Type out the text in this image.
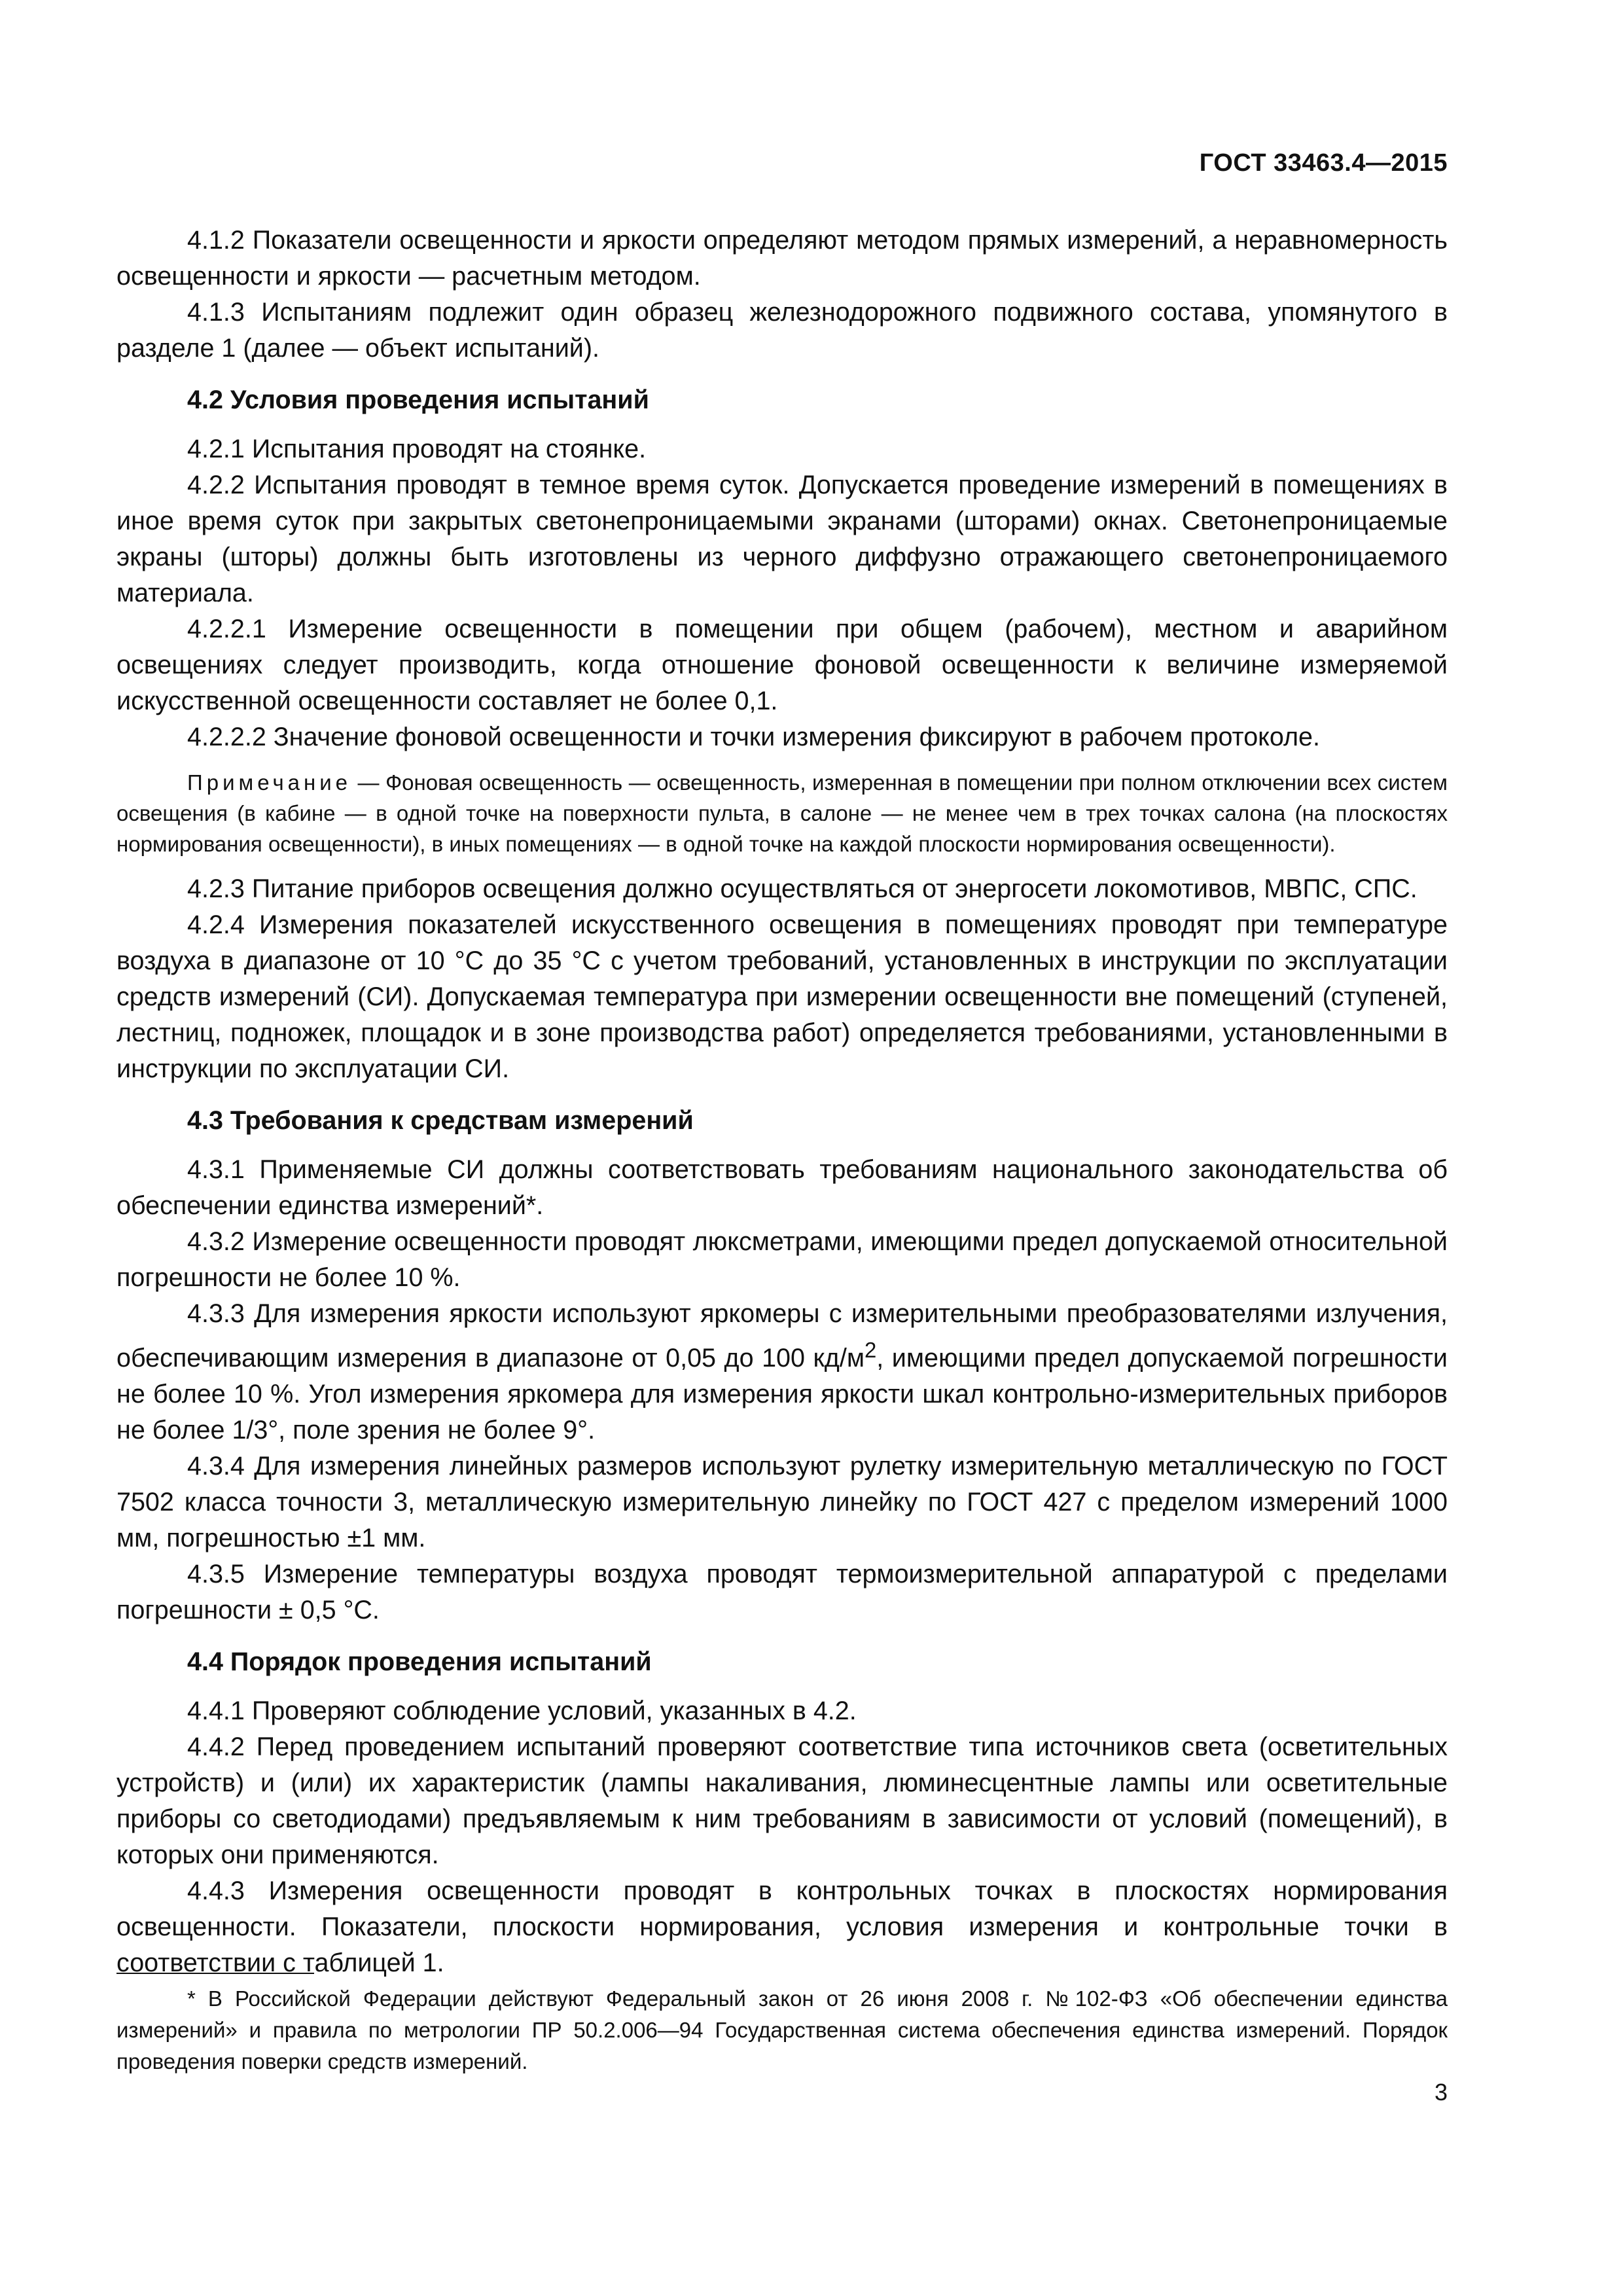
ГОСТ 33463.4—2015

4.1.2 Показатели освещенности и яркости определяют методом прямых измерений, а неравномерность освещенности и яркости — расчетным методом.

4.1.3 Испытаниям подлежит один образец железнодорожного подвижного состава, упомянутого в разделе 1 (далее — объект испытаний).

4.2 Условия проведения испытаний

4.2.1 Испытания проводят на стоянке.

4.2.2 Испытания проводят в темное время суток. Допускается проведение измерений в помещениях в иное время суток при закрытых светонепроницаемыми экранами (шторами) окнах. Светонепроницаемые экраны (шторы) должны быть изготовлены из черного диффузно отражающего светонепроницаемого материала.

4.2.2.1 Измерение освещенности в помещении при общем (рабочем), местном и аварийном освещениях следует производить, когда отношение фоновой освещенности к величине измеряемой искусственной освещенности составляет не более 0,1.

4.2.2.2 Значение фоновой освещенности и точки измерения фиксируют в рабочем протоколе.

Примечание — Фоновая освещенность — освещенность, измеренная в помещении при полном отключении всех систем освещения (в кабине — в одной точке на поверхности пульта, в салоне — не менее чем в трех точках салона (на плоскостях нормирования освещенности), в иных помещениях — в одной точке на каждой плоскости нормирования освещенности).

4.2.3 Питание приборов освещения должно осуществляться от энергосети локомотивов, МВПС, СПС.

4.2.4 Измерения показателей искусственного освещения в помещениях проводят при температуре воздуха в диапазоне от 10 °С до 35 °С с учетом требований, установленных в инструкции по эксплуатации средств измерений (СИ). Допускаемая температура при измерении освещенности вне помещений (ступеней, лестниц, подножек, площадок и в зоне производства работ) определяется требованиями, установленными в инструкции по эксплуатации СИ.

4.3 Требования к средствам измерений

4.3.1 Применяемые СИ должны соответствовать требованиям национального законодательства об обеспечении единства измерений*.

4.3.2 Измерение освещенности проводят люксметрами, имеющими предел допускаемой относительной погрешности не более 10 %.

4.3.3 Для измерения яркости используют яркомеры с измерительными преобразователями излучения, обеспечивающим измерения в диапазоне от 0,05 до 100 $кд/м^2$, имеющими предел допускаемой погрешности не более 10 %. Угол измерения яркомера для измерения яркости шкал контрольно-измерительных приборов не более 1/3°, поле зрения не более 9°.

4.3.4 Для измерения линейных размеров используют рулетку измерительную металлическую по ГОСТ 7502 класса точности 3, металлическую измерительную линейку по ГОСТ 427 с пределом измерений 1000 мм, погрешностью ±1 мм.

4.3.5 Измерение температуры воздуха проводят термоизмерительной аппаратурой с пределами погрешности ± 0,5 °С.

4.4 Порядок проведения испытаний

4.4.1 Проверяют соблюдение условий, указанных в 4.2.

4.4.2 Перед проведением испытаний проверяют соответствие типа источников света (осветительных устройств) и (или) их характеристик (лампы накаливания, люминесцентные лампы или осветительные приборы со светодиодами) предъявляемым к ним требованиям в зависимости от условий (помещений), в которых они применяются.

4.4.3 Измерения освещенности проводят в контрольных точках в плоскостях нормирования освещенности. Показатели, плоскости нормирования, условия измерения и контрольные точки в соответствии с таблицей 1.

* В Российской Федерации действуют Федеральный закон от 26 июня 2008 г. №102-ФЗ «Об обеспечении единства измерений» и правила по метрологии ПР 50.2.006—94 Государственная система обеспечения единства измерений. Порядок проведения поверки средств измерений.

3
